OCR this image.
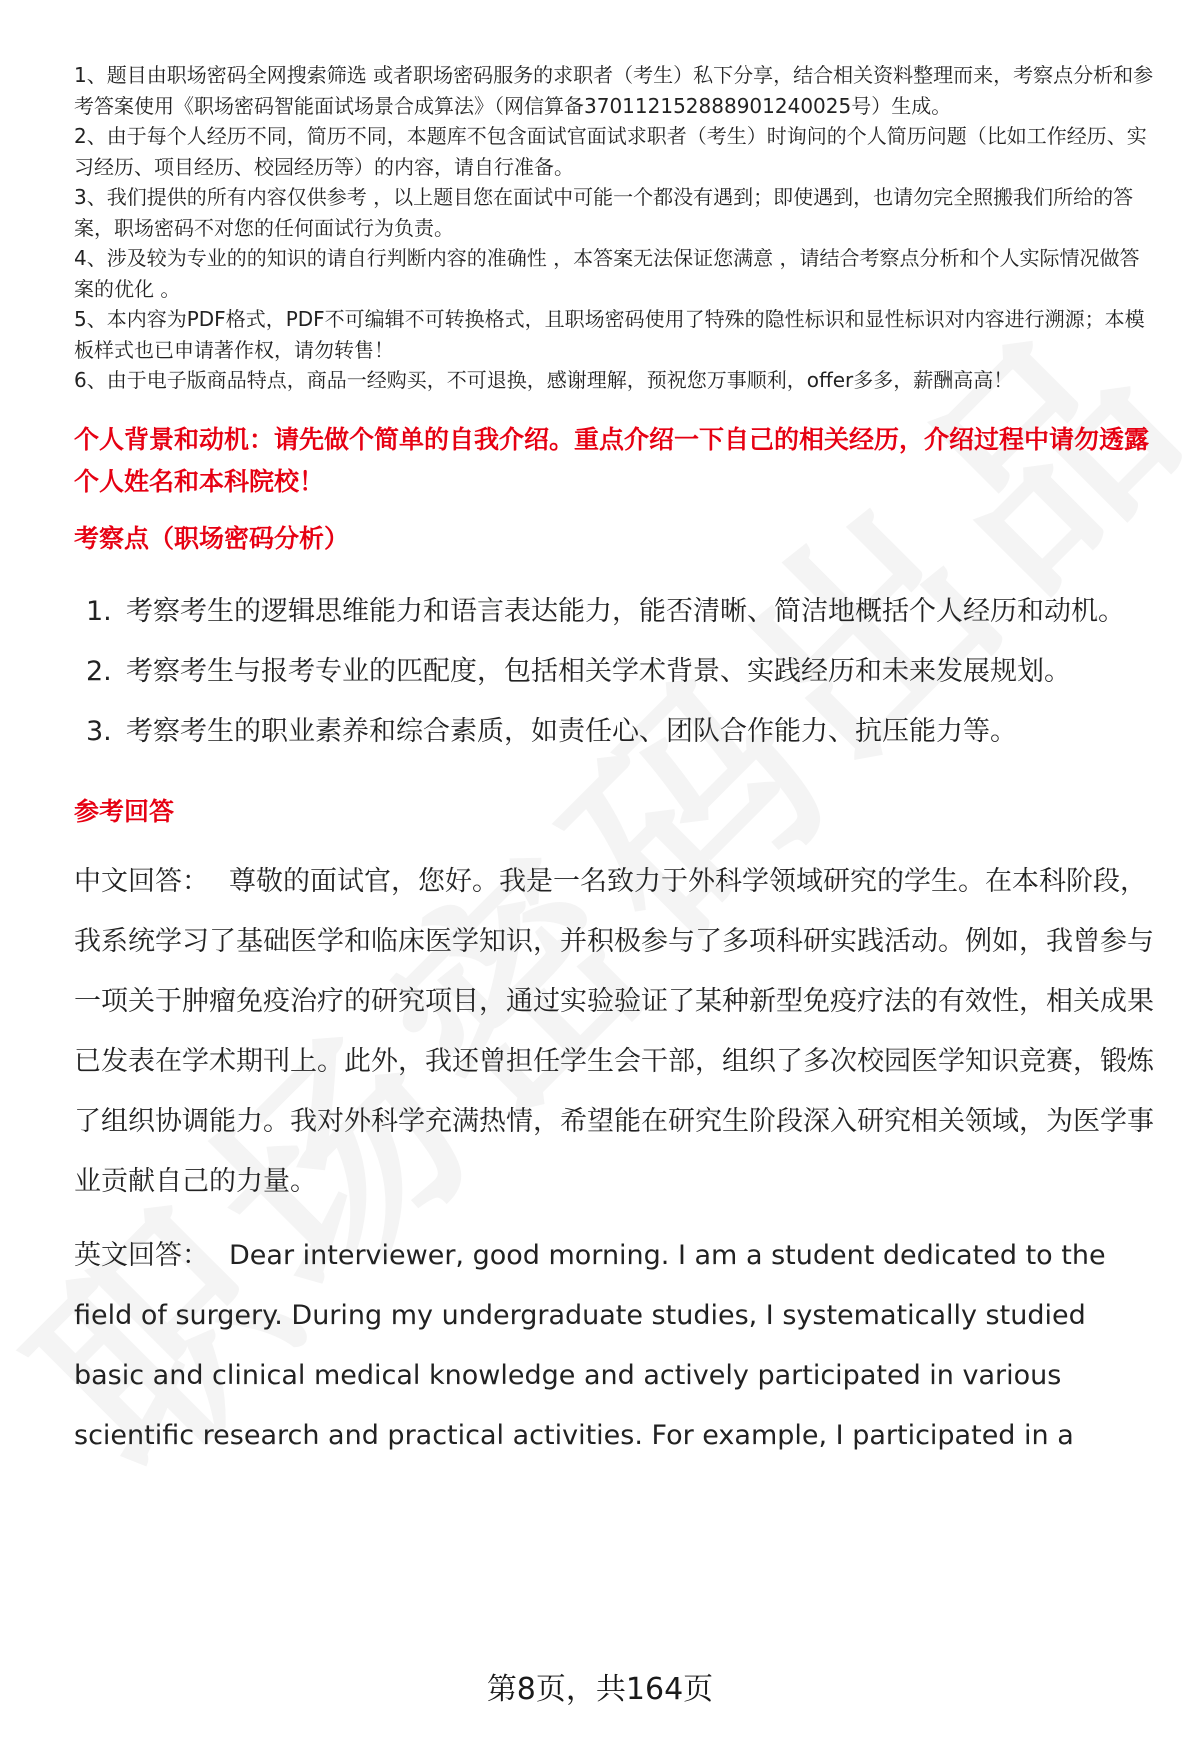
1、题目由职场密码全网搜索筛选 或者职场密码服务的求职者（考生）私下分享，结合相关资料整理而来，考察点分析和参考答案使用《职场密码智能面试场景合成算法》（网信算备370112152888901240025号）生成。

2、由于每个人经历不同，简历不同，本题库不包含面试官面试求职者（考生）时询问的个人简历问题（比如工作经历、实习经历、项目经历、校园经历等）的内容，请自行准备。

3、我们提供的所有内容仅供参考 ，以上题目您在面试中可能一个都没有遇到；即使遇到，也请勿完全照搬我们所给的答案，职场密码不对您的任何面试行为负责。

4、涉及较为专业的的知识的请自行判断内容的准确性 ，本答案无法保证您满意 ，请结合考察点分析和个人实际情况做答案的优化 。

5、本内容为PDF格式，PDF不可编辑不可转换格式，且职场密码使用了特殊的隐性标识和显性标识对内容进行溯源；本模板样式也已申请著作权，请勿转售！

6、由于电子版商品特点，商品一经购买，不可退换，感谢理解，预祝您万事顺利，offer多多，薪酬高高！

个人背景和动机：请先做个简单的自我介绍。重点介绍一下自己的相关经历，介绍过程中请勿透露个人姓名和本科院校！
考察点（职场密码分析）
1. 考察考生的逻辑思维能力和语言表达能力，能否清晰、简洁地概括个人经历和动机。
2. 考察考生与报考专业的匹配度，包括相关学术背景、实践经历和未来发展规划。
3. 考察考生的职业素养和综合素质，如责任心、团队合作能力、抗压能力等。
参考回答

中文回答： 尊敬的面试官，您好。我是一名致力于外科学领域研究的学生。在本科阶段，我系统学习了基础医学和临床医学知识，并积极参与了多项科研实践活动。例如，我曾参与一项关于肿瘤免疫治疗的研究项目，通过实验验证了某种新型免疫疗法的有效性，相关成果已发表在学术期刊上。此外，我还曾担任学生会干部，组织了多次校园医学知识竞赛，锻炼了组织协调能力。我对外科学充满热情，希望能在研究生阶段深入研究相关领域，为医学事业贡献自己的力量。

英文回答： Dear interviewer, good morning. I am a student dedicated to the field of surgery. During my undergraduate studies, I systematically studied basic and clinical medical knowledge and actively participated in various scientific research and practical activities. For example, I participated in a

第8页，共164页
